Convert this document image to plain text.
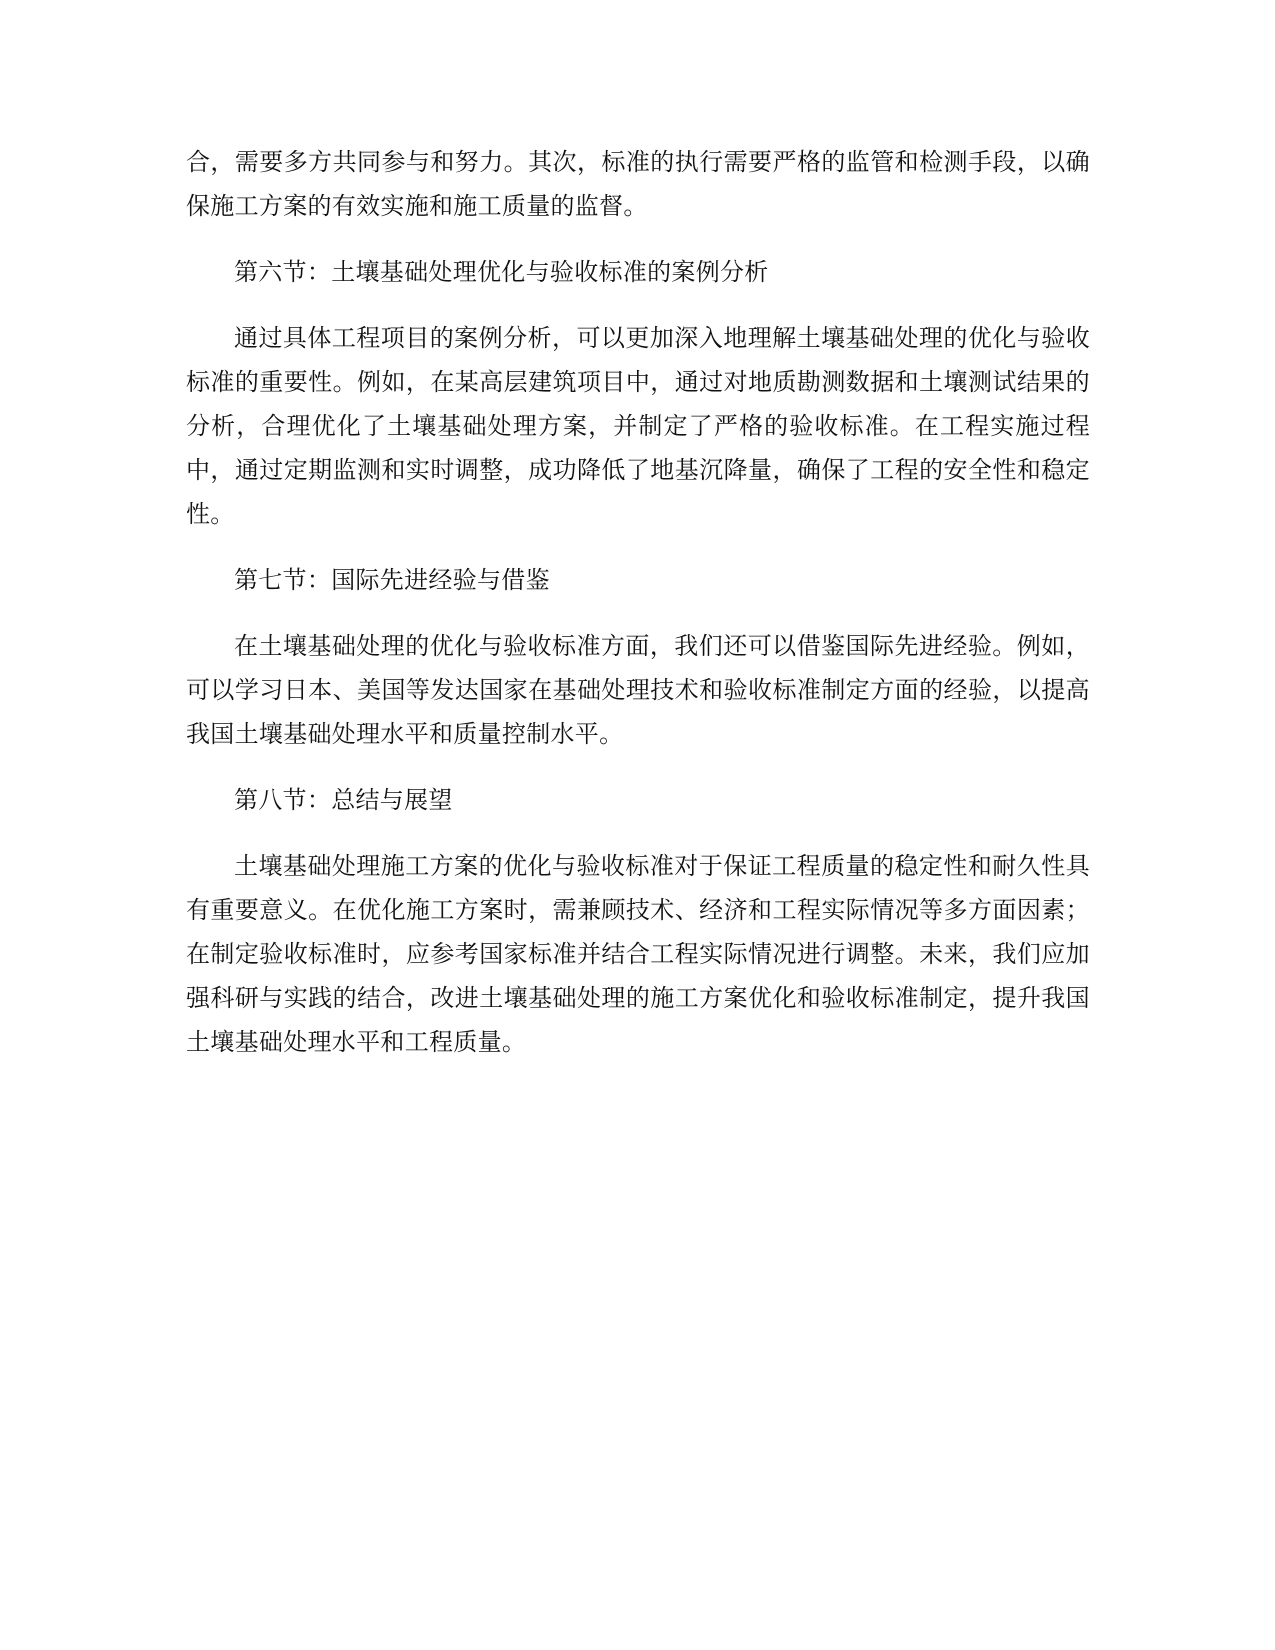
合，需要多方共同参与和努力。其次，标准的执行需要严格的监管和检测手段，以确保施工方案的有效实施和施工质量的监督。

第六节：土壤基础处理优化与验收标准的案例分析

通过具体工程项目的案例分析，可以更加深入地理解土壤基础处理的优化与验收标准的重要性。例如，在某高层建筑项目中，通过对地质勘测数据和土壤测试结果的分析，合理优化了土壤基础处理方案，并制定了严格的验收标准。在工程实施过程中，通过定期监测和实时调整，成功降低了地基沉降量，确保了工程的安全性和稳定性。

第七节：国际先进经验与借鉴

在土壤基础处理的优化与验收标准方面，我们还可以借鉴国际先进经验。例如，可以学习日本、美国等发达国家在基础处理技术和验收标准制定方面的经验，以提高我国土壤基础处理水平和质量控制水平。

第八节：总结与展望

土壤基础处理施工方案的优化与验收标准对于保证工程质量的稳定性和耐久性具有重要意义。在优化施工方案时，需兼顾技术、经济和工程实际情况等多方面因素；在制定验收标准时，应参考国家标准并结合工程实际情况进行调整。未来，我们应加强科研与实践的结合，改进土壤基础处理的施工方案优化和验收标准制定，提升我国土壤基础处理水平和工程质量。
